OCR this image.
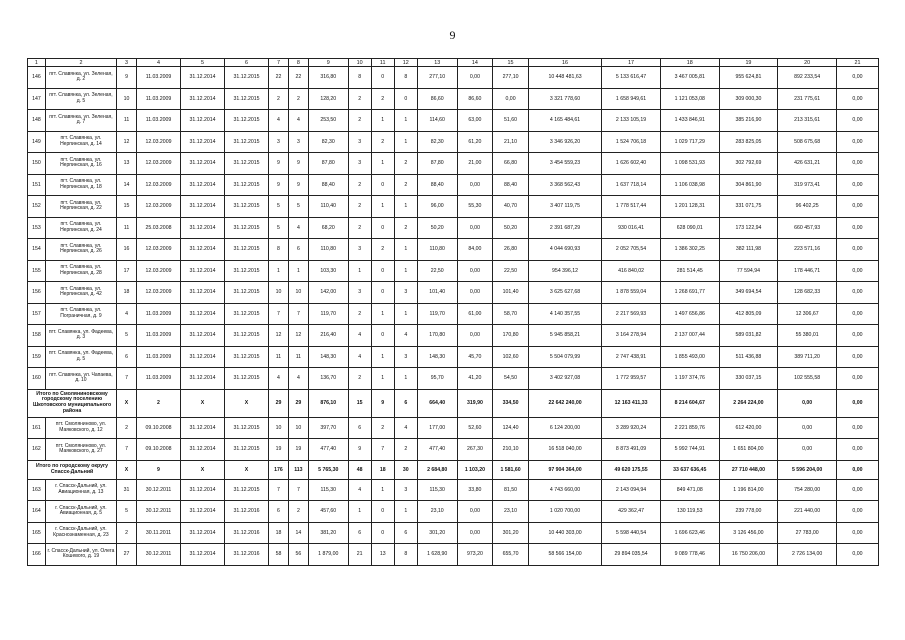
9
1	2	3	4	5	6	7	8	9	10	11	12	13	14	15	16	17	18	19	20	21
146	пгт. Славянка, ул. Зеленая, д. 2	9	11.03.2009	31.12.2014	31.12.2015	22	22	316,80	8	0	8	277,10	0,00	277,10	10 448 481,63	5 133 616,47	3 467 005,81	955 624,81	892 233,54	0,00
147	пгт. Славянка, ул. Зеленая, д. 5	10	11.03.2009	31.12.2014	31.12.2015	2	2	128,20	2	2	0	86,60	86,60	0,00	3 321 778,60	1 658 949,61	1 121 053,08	309 000,30	231 775,61	0,00
148	пгт. Славянка, ул. Зеленая, д. 7	11	11.03.2009	31.12.2014	31.12.2015	4	4	253,50	2	1	1	114,60	63,00	51,60	4 165 484,61	2 133 105,19	1 433 846,91	385 216,90	213 315,61	0,00
149	пгт. Славянка, ул. Нерпинская, д. 14	12	12.03.2009	31.12.2014	31.12.2015	3	3	82,30	3	2	1	82,30	61,20	21,10	3 346 926,20	1 524 706,18	1 029 717,29	283 825,05	508 675,68	0,00
150	пгт. Славянка, ул. Нерпинская, д. 16	13	12.03.2009	31.12.2014	31.12.2015	9	9	87,80	3	1	2	87,80	21,00	66,80	3 454 559,23	1 626 602,40	1 098 531,93	302 792,69	426 631,21	0,00
151	пгт. Славянка, ул. Нерпинская, д. 18	14	12.03.2009	31.12.2014	31.12.2015	9	9	88,40	2	0	2	88,40	0,00	88,40	3 368 562,43	1 637 718,14	1 106 038,98	304 861,90	319 973,41	0,00
152	пгт. Славянка, ул. Нерпинская, д. 22	15	12.03.2009	31.12.2014	31.12.2015	5	5	110,40	2	1	1	96,00	55,30	40,70	3 407 119,75	1 778 517,44	1 201 128,31	331 071,75	96 402,25	0,00
153	пгт. Славянка, ул. Нерпинская, д. 24	11	25.03.2008	31.12.2014	31.12.2015	5	4	68,20	2	0	2	50,20	0,00	50,20	2 391 687,29	930 016,41	628 090,01	173 122,94	660 457,93	0,00
154	пгт. Славянка, ул. Нерпинская, д. 26	16	12.03.2009	31.12.2014	31.12.2015	8	6	110,80	3	2	1	110,80	84,00	26,80	4 044 690,93	2 052 705,54	1 386 302,25	382 111,98	223 571,16	0,00
155	пгт. Славянка, ул. Нерпинская, д. 28	17	12.03.2009	31.12.2014	31.12.2015	1	1	103,30	1	0	1	22,50	0,00	22,50	954 396,12	416 840,02	281 514,45	77 594,94	178 446,71	0,00
156	пгт. Славянка, ул. Нерпинская, д. 42	18	12.03.2009	31.12.2014	31.12.2015	10	10	142,00	3	0	3	101,40	0,00	101,40	3 625 627,68	1 878 559,04	1 268 691,77	349 694,54	128 682,33	0,00
157	пгт. Славянка, ул. Пограничная, д. 9	4	11.03.2009	31.12.2014	31.12.2015	7	7	119,70	2	1	1	119,70	61,00	58,70	4 140 357,55	2 217 569,93	1 497 656,86	412 805,09	12 306,67	0,00
158	пгт. Славянка, ул. Фадеева, д. 3	5	11.03.2009	31.12.2014	31.12.2015	12	12	216,40	4	0	4	170,80	0,00	170,80	5 945 858,21	3 164 278,94	2 137 007,44	589 031,82	55 380,01	0,00
159	пгт. Славянка, ул. Фадеева, д. 5	6	11.03.2009	31.12.2014	31.12.2015	11	11	148,30	4	1	3	148,30	45,70	102,60	5 504 079,99	2 747 438,91	1 855 493,00	511 436,88	389 711,20	0,00
160	пгт. Славянка, ул. Чапаева, д. 10	7	11.03.2009	31.12.2014	31.12.2015	4	4	136,70	2	1	1	95,70	41,20	54,50	3 402 927,08	1 772 959,57	1 197 374,76	330 037,15	102 555,58	0,00
Итого по Смоляниновскому городскому поселению Шкотовского муниципального района		X	2	X	X	29	29	876,10	15	9	6	664,40	319,90	334,50	22 642 240,00	12 163 411,33	8 214 604,67	2 264 224,00	0,00	0,00
161	пгт. Смоляниново, ул. Маяковского, д. 12	2	09.10.2008	31.12.2014	31.12.2015	10	10	397,70	6	2	4	177,00	52,60	124,40	6 124 200,00	3 289 920,24	2 221 859,76	612 420,00	0,00	0,00
162	пгт. Смоляниново, ул. Маяковского, д. 27	7	09.10.2008	31.12.2014	31.12.2015	19	19	477,40	9	7	2	477,40	267,30	210,10	16 518 040,00	8 873 491,09	5 992 744,91	1 651 804,00	0,00	0,00
Итого по городскому округу Спасск-Дальний		X	9	X	X	176	113	5 765,30	48	18	30	2 684,80	1 103,20	1 581,60	97 904 364,00	49 620 175,55	33 637 636,45	27 710 448,00	5 596 204,00	0,00
163	г. Спасск-Дальний, ул. Авиационная, д. 13	31	30.12.2011	31.12.2014	31.12.2015	7	7	115,30	4	1	3	115,30	33,80	81,50	4 743 660,00	2 143 094,94	849 471,08	1 196 814,00	754 280,00	0,00
164	г. Спасск-Дальний, ул. Авиационная, д. 5	5	30.12.2011	31.12.2014	31.12.2016	6	2	457,60	1	0	1	23,10	0,00	23,10	1 020 700,00	429 362,47	130 119,53	239 778,00	221 440,00	0,00
165	г. Спасск-Дальний, ул. Краснознаменная, д. 23	2	30.11.2011	31.12.2014	31.12.2016	18	14	381,20	6	0	6	301,20	0,00	301,20	10 440 303,00	5 598 440,54	1 696 623,46	3 126 456,00	27 783,00	0,00
166	г. Спасск-Дальний, ул. Олега Кошевого, д. 19	27	30.12.2011	31.12.2014	31.12.2016	58	56	1 879,00	21	13	8	1 628,90	973,20	655,70	58 566 154,00	29 894 035,54	9 089 778,46	16 750 206,00	2 726 134,00	0,00
